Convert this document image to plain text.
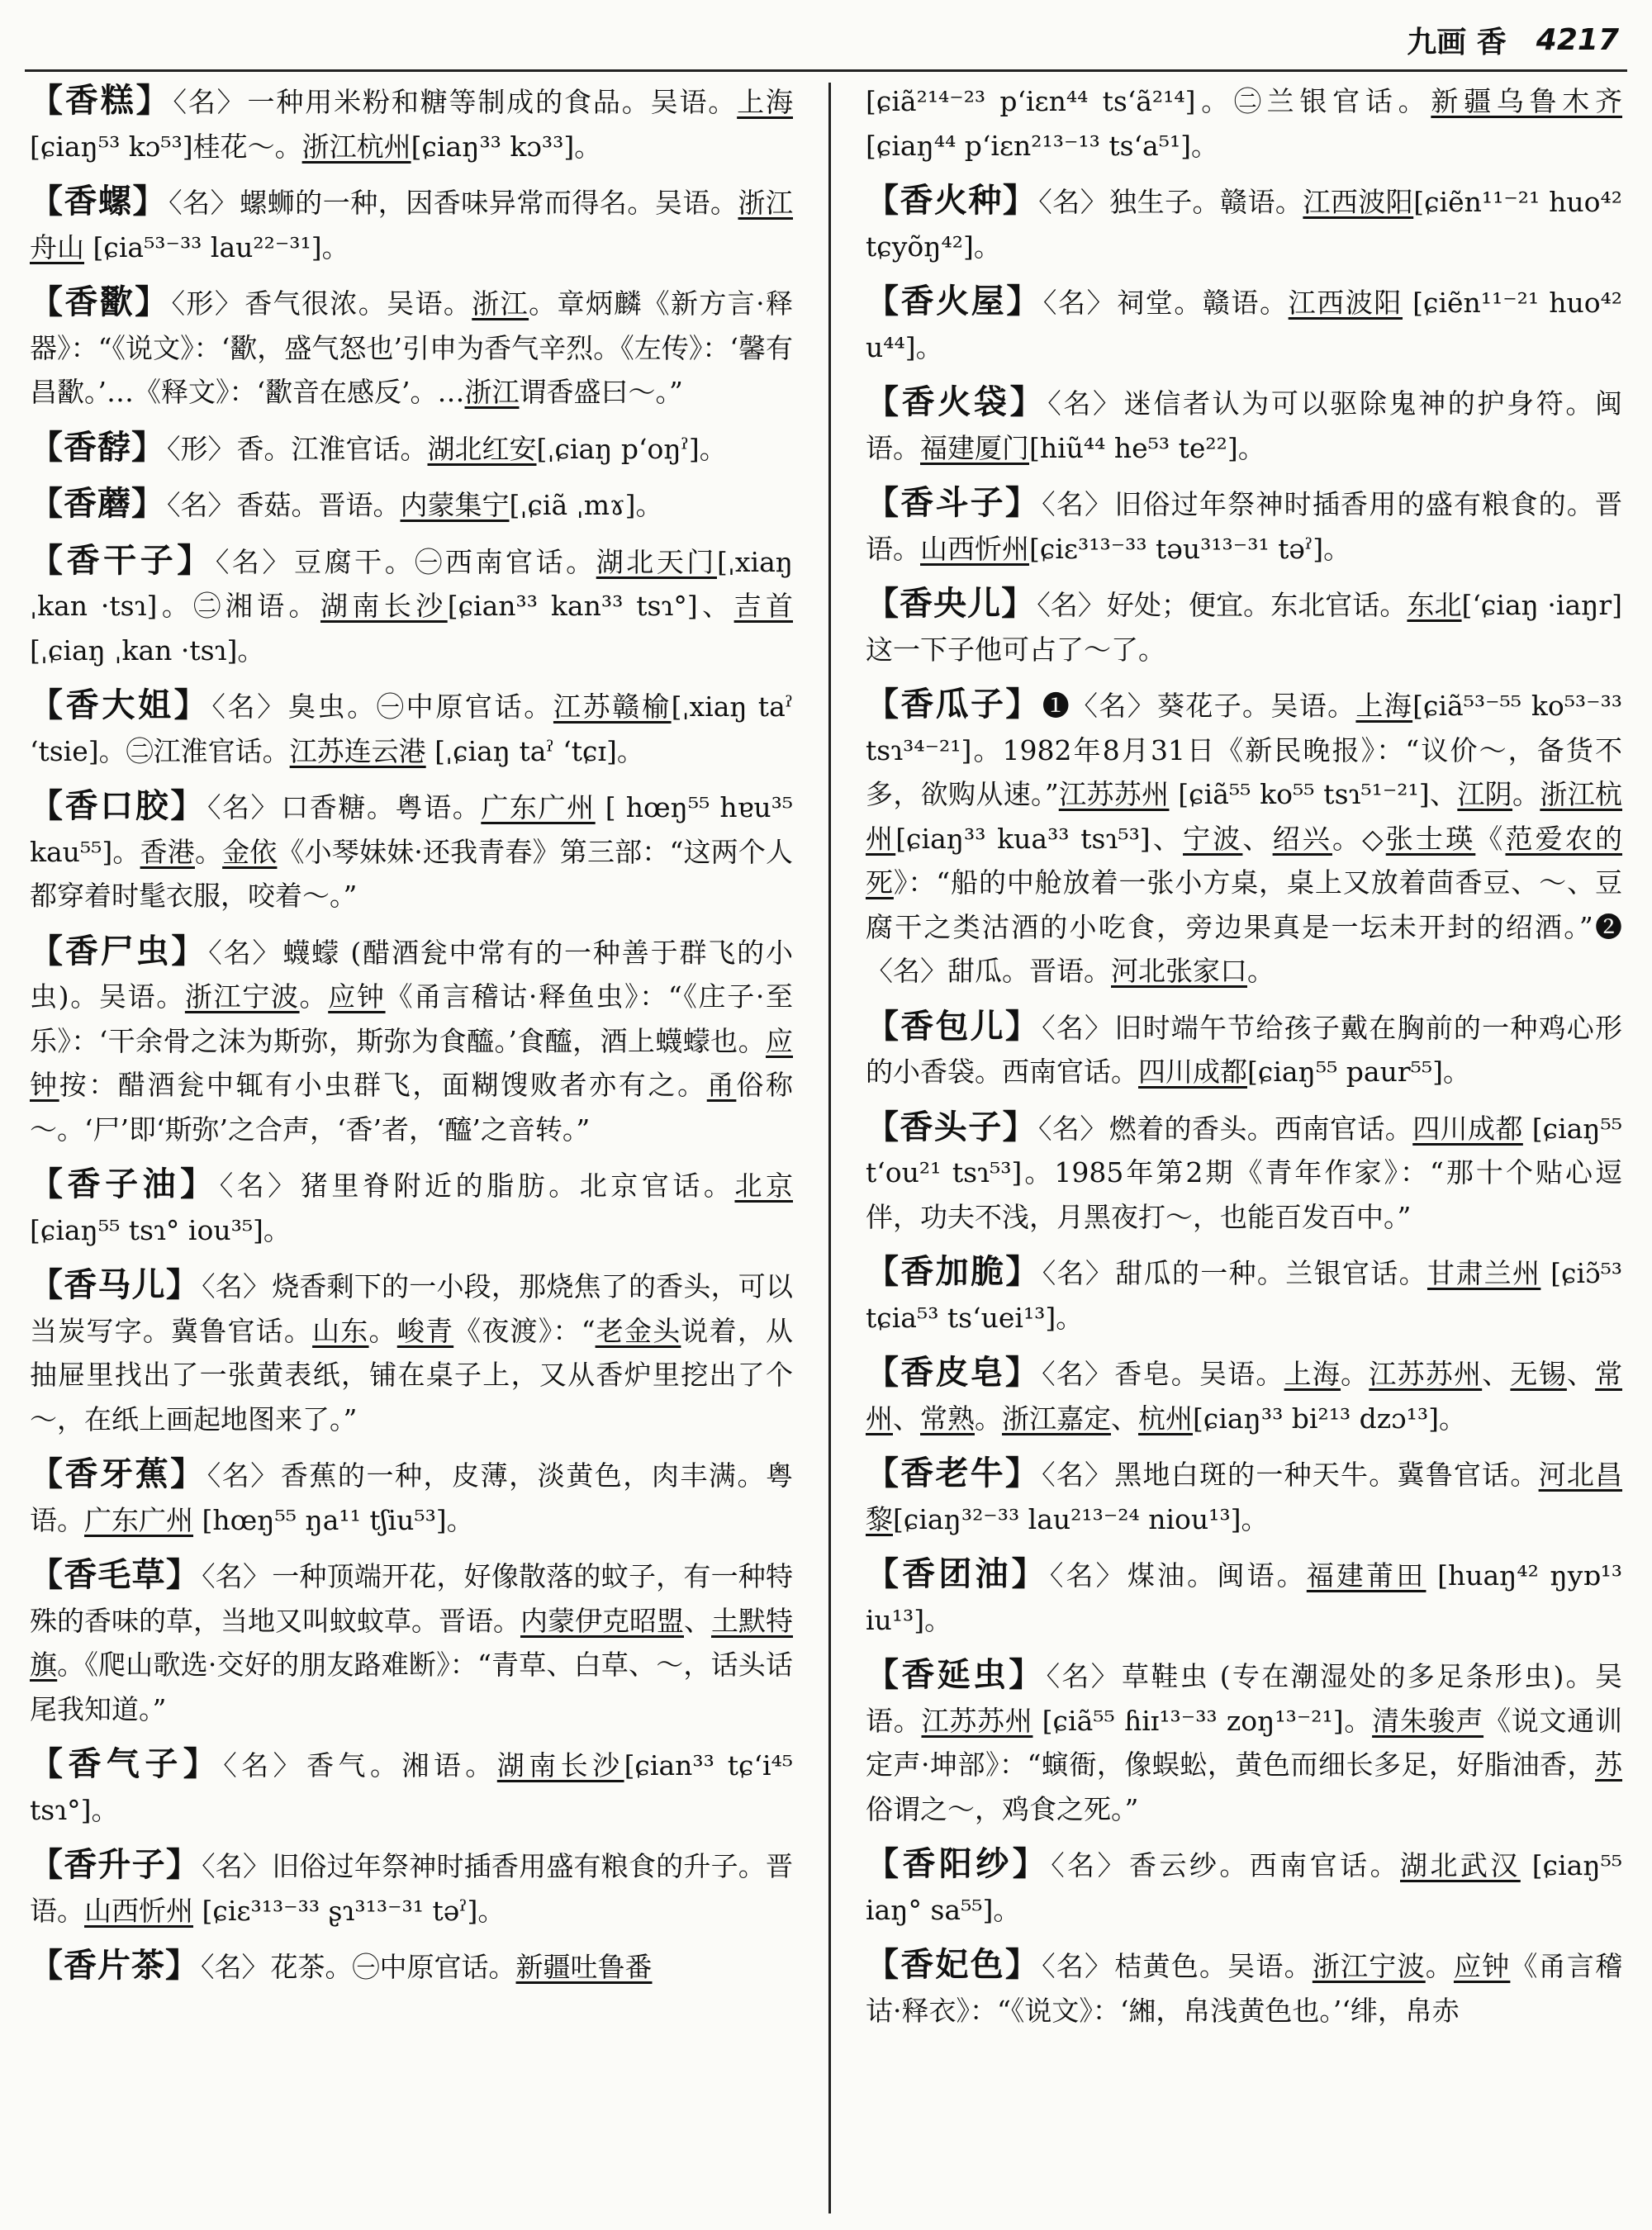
九画 香 4217
【香糕】〈名〉一种用米粉和糖等制成的食品。吴语。上海[ɕiaŋ⁵³ kɔ⁵³]桂花～。浙江杭州[ɕiaŋ³³ kɔ³³]。
【香螺】〈名〉螺蛳的一种，因香味异常而得名。吴语。浙江舟山 [ɕia⁵³⁻³³ lau²²⁻³¹]。
【香歠】〈形〉香气很浓。吴语。浙江。章炳麟《新方言·释器》：“《说文》：‘歠，盛气怒也’引申为香气辛烈。《左传》：‘馨有昌歠。’…《释文》：‘歠音在感反’。…浙江谓香盛曰～。”
【香馞】〈形〉香。江淮官话。湖北红安[ˌɕiaŋ pʻoŋˀ]。
【香蘑】〈名〉香菇。晋语。内蒙集宁[ˌɕiã ˌmɤ]。
【香干子】〈名〉豆腐干。㊀西南官话。湖北天门[ˌxiaŋ ˌkan ·tsɿ]。㊁湘语。湖南长沙[ɕian³³ kan³³ tsɿ°]、吉首 [ˌɕiaŋ ˌkan ·tsɿ]。
【香大姐】〈名〉臭虫。㊀中原官话。江苏赣榆[ˌxiaŋ taˀ ʻtsie]。㊁江淮官话。江苏连云港 [ˌɕiaŋ taˀ ʻtɕɪ]。
【香口胶】〈名〉口香糖。粤语。广东广州 [ hœŋ⁵⁵ hɐu³⁵ kau⁵⁵]。香港。金依《小琴妹妹·还我青春》第三部：“这两个人都穿着时髦衣服，咬着～。”
【香尸虫】〈名〉蠛蠓 (醋酒瓮中常有的一种善于群飞的小虫)。吴语。浙江宁波。应钟《甬言稽诂·释鱼虫》：“《庄子·至乐》：‘干余骨之沫为斯弥，斯弥为食醯。’食醯，酒上蠛蠓也。应钟按：醋酒瓮中辄有小虫群飞，面糊馊败者亦有之。甬俗称～。‘尸’即‘斯弥’之合声，‘香’者，‘醯’之音转。”
【香子油】〈名〉猪里脊附近的脂肪。北京官话。北京 [ɕiaŋ⁵⁵ tsɿ° iou³⁵]。
【香马儿】〈名〉烧香剩下的一小段，那烧焦了的香头，可以当炭写字。冀鲁官话。山东。峻青《夜渡》：“老金头说着，从抽屉里找出了一张黄表纸，铺在桌子上，又从香炉里挖出了个～，在纸上画起地图来了。”
【香牙蕉】〈名〉香蕉的一种，皮薄，淡黄色，肉丰满。粤语。广东广州 [hœŋ⁵⁵ ŋa¹¹ tʃiu⁵³]。
【香毛草】〈名〉一种顶端开花，好像散落的蚊子，有一种特殊的香味的草，当地又叫蚊蚊草。晋语。内蒙伊克昭盟、土默特旗。《爬山歌选·交好的朋友路难断》：“青草、白草、～，话头话尾我知道。”
【香气子】〈名〉香气。湘语。湖南长沙[ɕian³³ tɕʻi⁴⁵ tsɿ°]。
【香升子】〈名〉旧俗过年祭神时插香用盛有粮食的升子。晋语。山西忻州 [ɕiɛ³¹³⁻³³ ʂɿ³¹³⁻³¹ təˀ]。
【香片茶】〈名〉花茶。㊀中原官话。新疆吐鲁番
[ɕiã²¹⁴⁻²³ pʻiɛn⁴⁴ tsʻã²¹⁴]。㊁兰银官话。新疆乌鲁木齐[ɕiaŋ⁴⁴ pʻiɛn²¹³⁻¹³ tsʻa⁵¹]。
【香火种】〈名〉独生子。赣语。江西波阳[ɕiẽn¹¹⁻²¹ huo⁴² tɕyõŋ⁴²]。
【香火屋】〈名〉祠堂。赣语。江西波阳 [ɕiẽn¹¹⁻²¹ huo⁴² u⁴⁴]。
【香火袋】〈名〉迷信者认为可以驱除鬼神的护身符。闽语。福建厦门[hiũ⁴⁴ he⁵³ te²²]。
【香斗子】〈名〉旧俗过年祭神时插香用的盛有粮食的。晋语。山西忻州[ɕiɛ³¹³⁻³³ təu³¹³⁻³¹ təˀ]。
【香央儿】〈名〉好处；便宜。东北官话。东北[ʻɕiaŋ ·iaŋr]这一下子他可占了～了。
【香瓜子】❶〈名〉葵花子。吴语。上海[ɕiã⁵³⁻⁵⁵ ko⁵³⁻³³ tsɿ³⁴⁻²¹]。1982年8月31日《新民晚报》：“议价～，备货不多，欲购从速。”江苏苏州 [ɕiã⁵⁵ ko⁵⁵ tsɿ⁵¹⁻²¹]、江阴。浙江杭州[ɕiaŋ³³ kua³³ tsɿ⁵³]、宁波、绍兴。◇张士瑛《范爱农的死》：“船的中舱放着一张小方桌，桌上又放着茴香豆、～、豆腐干之类沽酒的小吃食，旁边果真是一坛未开封的绍酒。”❷〈名〉甜瓜。晋语。河北张家口。
【香包儿】〈名〉旧时端午节给孩子戴在胸前的一种鸡心形的小香袋。西南官话。四川成都[ɕiaŋ⁵⁵ paur⁵⁵]。
【香头子】〈名〉燃着的香头。西南官话。四川成都 [ɕiaŋ⁵⁵ tʻou²¹ tsɿ⁵³]。1985年第2期《青年作家》：“那十个贴心逗伴，功夫不浅，月黑夜打～，也能百发百中。”
【香加脆】〈名〉甜瓜的一种。兰银官话。甘肃兰州 [ɕiɔ̃⁵³ tɕia⁵³ tsʻuei¹³]。
【香皮皂】〈名〉香皂。吴语。上海。江苏苏州、无锡、常州、常熟。浙江嘉定、杭州[ɕiaŋ³³ bi²¹³ dzɔ¹³]。
【香老牛】〈名〉黑地白斑的一种天牛。冀鲁官话。河北昌黎[ɕiaŋ³²⁻³³ lau²¹³⁻²⁴ niou¹³]。
【香团油】〈名〉煤油。闽语。福建莆田 [huaŋ⁴² ŋyɒ¹³ iu¹³]。
【香延虫】〈名〉草鞋虫 (专在潮湿处的多足条形虫)。吴语。江苏苏州 [ɕiã⁵⁵ ɦiɪ¹³⁻³³ zoŋ¹³⁻²¹]。清朱骏声《说文通训定声·坤部》：“螾衙，像蜈蚣，黄色而细长多足，好脂油香，苏俗谓之～，鸡食之死。”
【香阳纱】〈名〉香云纱。西南官话。湖北武汉 [ɕiaŋ⁵⁵ iaŋ° sa⁵⁵]。
【香妃色】〈名〉桔黄色。吴语。浙江宁波。应钟《甬言稽诂·释衣》：“《说文》：‘緗，帛浅黄色也。’‘绯，帛赤
